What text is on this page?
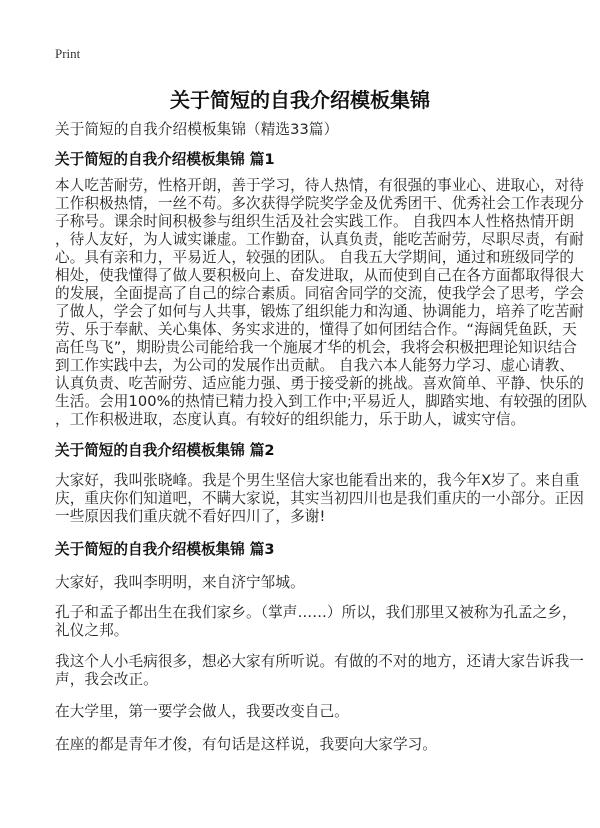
Print
关于简短的自我介绍模板集锦
关于简短的自我介绍模板集锦（精选33篇）
关于简短的自我介绍模板集锦 篇1
本人吃苦耐劳，性格开朗，善于学习，待人热情，有很强的事业心、进取心，对待
工作积极热情，一丝不苟。多次获得学院奖学金及优秀团干、优秀社会工作表现分
子称号。课余时间积极参与组织生活及社会实践工作。 自我四本人性格热情开朗
，待人友好，为人诚实谦虚。工作勤奋，认真负责，能吃苦耐劳，尽职尽责，有耐
心。具有亲和力，平易近人，较强的团队。 自我五大学期间，通过和班级同学的
相处，使我懂得了做人要积极向上、奋发进取，从而使到自己在各方面都取得很大
的发展，全面提高了自己的综合素质。同宿舍同学的交流，使我学会了思考，学会
了做人，学会了如何与人共事，锻炼了组织能力和沟通、协调能力，培养了吃苦耐
劳、乐于奉献、关心集体、务实求进的，懂得了如何团结合作。“海阔凭鱼跃，天
高任鸟飞”，期盼贵公司能给我一个施展才华的机会，我将会积极把理论知识结合
到工作实践中去，为公司的发展作出贡献。 自我六本人能努力学习、虚心请教、
认真负责、吃苦耐劳、适应能力强、勇于接受新的挑战。喜欢简单、平静、快乐的
生活。会用100%的热情已精力投入到工作中;平易近人，脚踏实地、有较强的团队
，工作积极进取，态度认真。有较好的组织能力，乐于助人，诚实守信。
关于简短的自我介绍模板集锦 篇2
大家好，我叫张晓峰。我是个男生坚信大家也能看出来的，我今年X岁了。来自重
庆，重庆你们知道吧，不瞒大家说，其实当初四川也是我们重庆的一小部分。正因
一些原因我们重庆就不看好四川了，多谢!
关于简短的自我介绍模板集锦 篇3
大家好，我叫李明明，来自济宁邹城。
孔子和孟子都出生在我们家乡。（掌声……）所以，我们那里又被称为孔孟之乡，
礼仪之邦。
我这个人小毛病很多，想必大家有所听说。有做的不对的地方，还请大家告诉我一
声，我会改正。
在大学里，第一要学会做人，我要改变自己。
在座的都是青年才俊，有句话是这样说，我要向大家学习。
